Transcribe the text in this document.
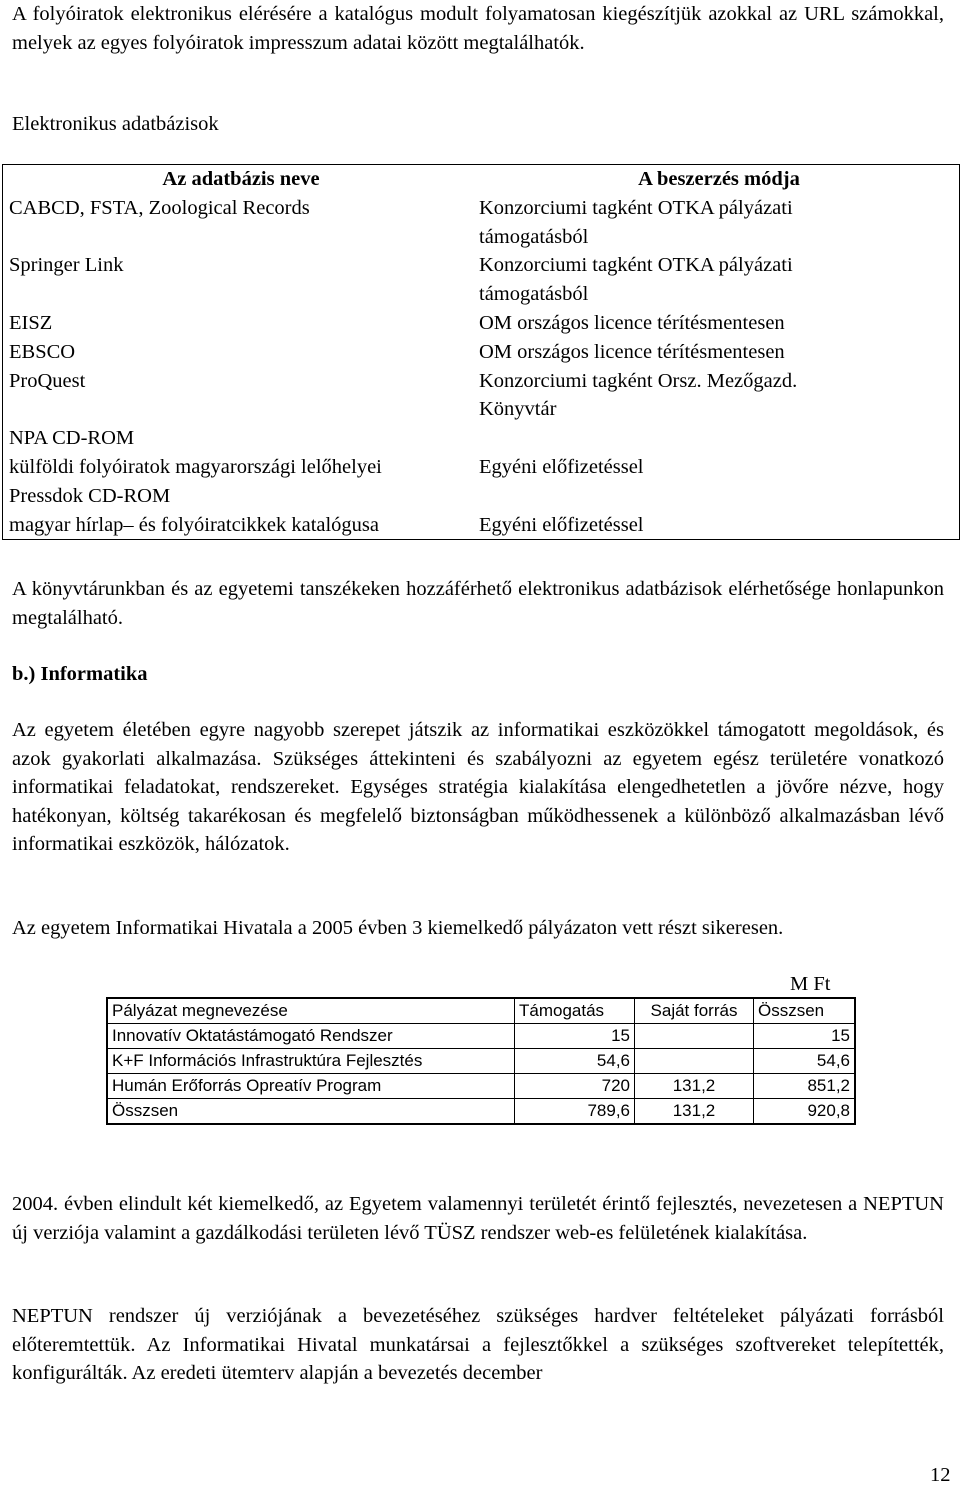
A folyóiratok elektronikus elérésére a katalógus modult folyamatosan kiegészítjük azokkal az URL számokkal, melyek az egyes folyóiratok impresszum adatai között megtalálhatók.

Elektronikus adatbázisok

Az adatbázis neve	A beszerzés módja
CABCD, FSTA, Zoological Records	Konzorciumi tagként OTKA pályázati
támogatásból
Springer Link	Konzorciumi tagként OTKA pályázati
támogatásból
EISZ	OM országos licence térítésmentesen
EBSCO	OM országos licence térítésmentesen
ProQuest	Konzorciumi tagként Orsz. Mezőgazd.
Könyvtár
NPA CD-ROM
külföldi folyóiratok magyarországi lelőhelyei	Egyéni előfizetéssel
Pressdok CD-ROM
magyar hírlap– és folyóiratcikkek katalógusa	Egyéni előfizetéssel

A könyvtárunkban és az egyetemi tanszékeken hozzáférhető elektronikus adatbázisok elérhetősége honlapunkon megtalálható.

b.) Informatika

Az egyetem életében egyre nagyobb szerepet játszik az informatikai eszközökkel támogatott megoldások, és azok gyakorlati alkalmazása. Szükséges áttekinteni és szabályozni az egyetem egész területére vonatkozó informatikai feladatokat, rendszereket. Egységes stratégia kialakítása elengedhetetlen a jövőre nézve, hogy hatékonyan, költség takarékosan és megfelelő biztonságban működhessenek a különböző alkalmazásban lévő informatikai eszközök, hálózatok.

Az egyetem Informatikai Hivatala a 2005 évben 3 kiemelkedő pályázaton vett részt sikeresen.

M Ft
Pályázat megnevezése	Támogatás	Saját forrás	Összsen
Innovatív Oktatástámogató Rendszer	15		15
K+F Információs Infrastruktúra Fejlesztés	54,6		54,6
Humán Erőforrás Opreatív Program	720	131,2	851,2
Összsen	789,6	131,2	920,8

2004. évben elindult két kiemelkedő, az Egyetem valamennyi területét érintő fejlesztés, nevezetesen a NEPTUN új verziója valamint a gazdálkodási területen lévő TÜSZ rendszer web-es felületének kialakítása.

NEPTUN rendszer új verziójának a bevezetéséhez szükséges hardver feltételeket pályázati forrásból előteremtettük. Az Informatikai Hivatal munkatársai a fejlesztőkkel a szükséges szoftvereket telepítették, konfigurálták. Az eredeti ütemterv alapján a bevezetés december

12
